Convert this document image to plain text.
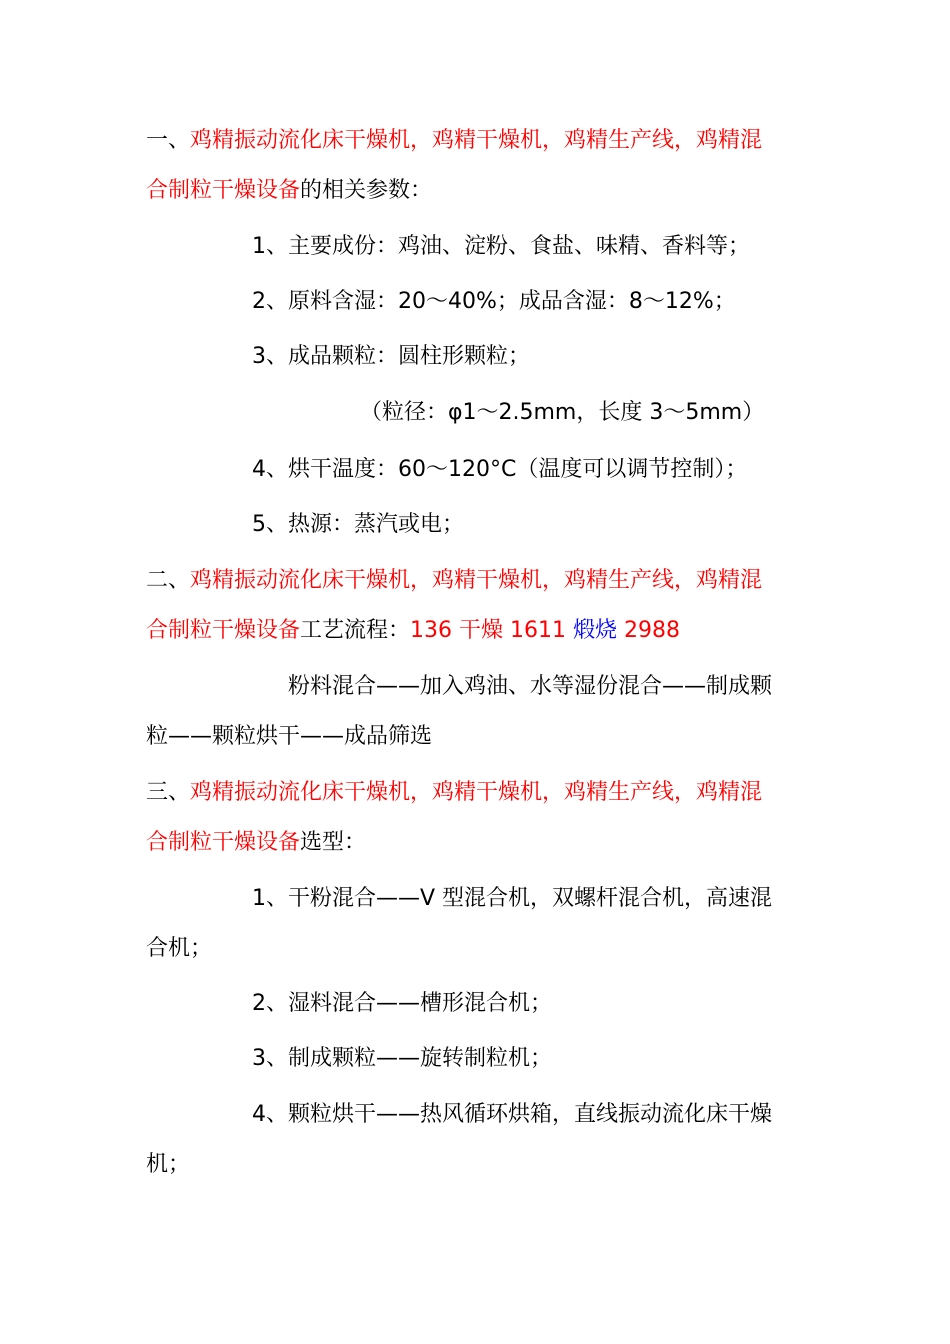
一、鸡精振动流化床干燥机，鸡精干燥机，鸡精生产线，鸡精混
合制粒干燥设备的相关参数：
1、主要成份：鸡油、淀粉、食盐、味精、香料等；
2、原料含湿：20～40%；成品含湿：8～12%；
3、成品颗粒：圆柱形颗粒；
（粒径：φ1～2.5mm，长度 3～5mm）
4、烘干温度：60～120°C（温度可以调节控制）；
5、热源：蒸汽或电；
二、鸡精振动流化床干燥机，鸡精干燥机，鸡精生产线，鸡精混
合制粒干燥设备工艺流程：136 干燥 1611 煅烧 2988
粉料混合——加入鸡油、水等湿份混合——制成颗
粒——颗粒烘干——成品筛选
三、鸡精振动流化床干燥机，鸡精干燥机，鸡精生产线，鸡精混
合制粒干燥设备选型：
1、干粉混合——V 型混合机，双螺杆混合机，高速混
合机；
2、湿料混合——槽形混合机；
3、制成颗粒——旋转制粒机；
4、颗粒烘干——热风循环烘箱，直线振动流化床干燥
机；
